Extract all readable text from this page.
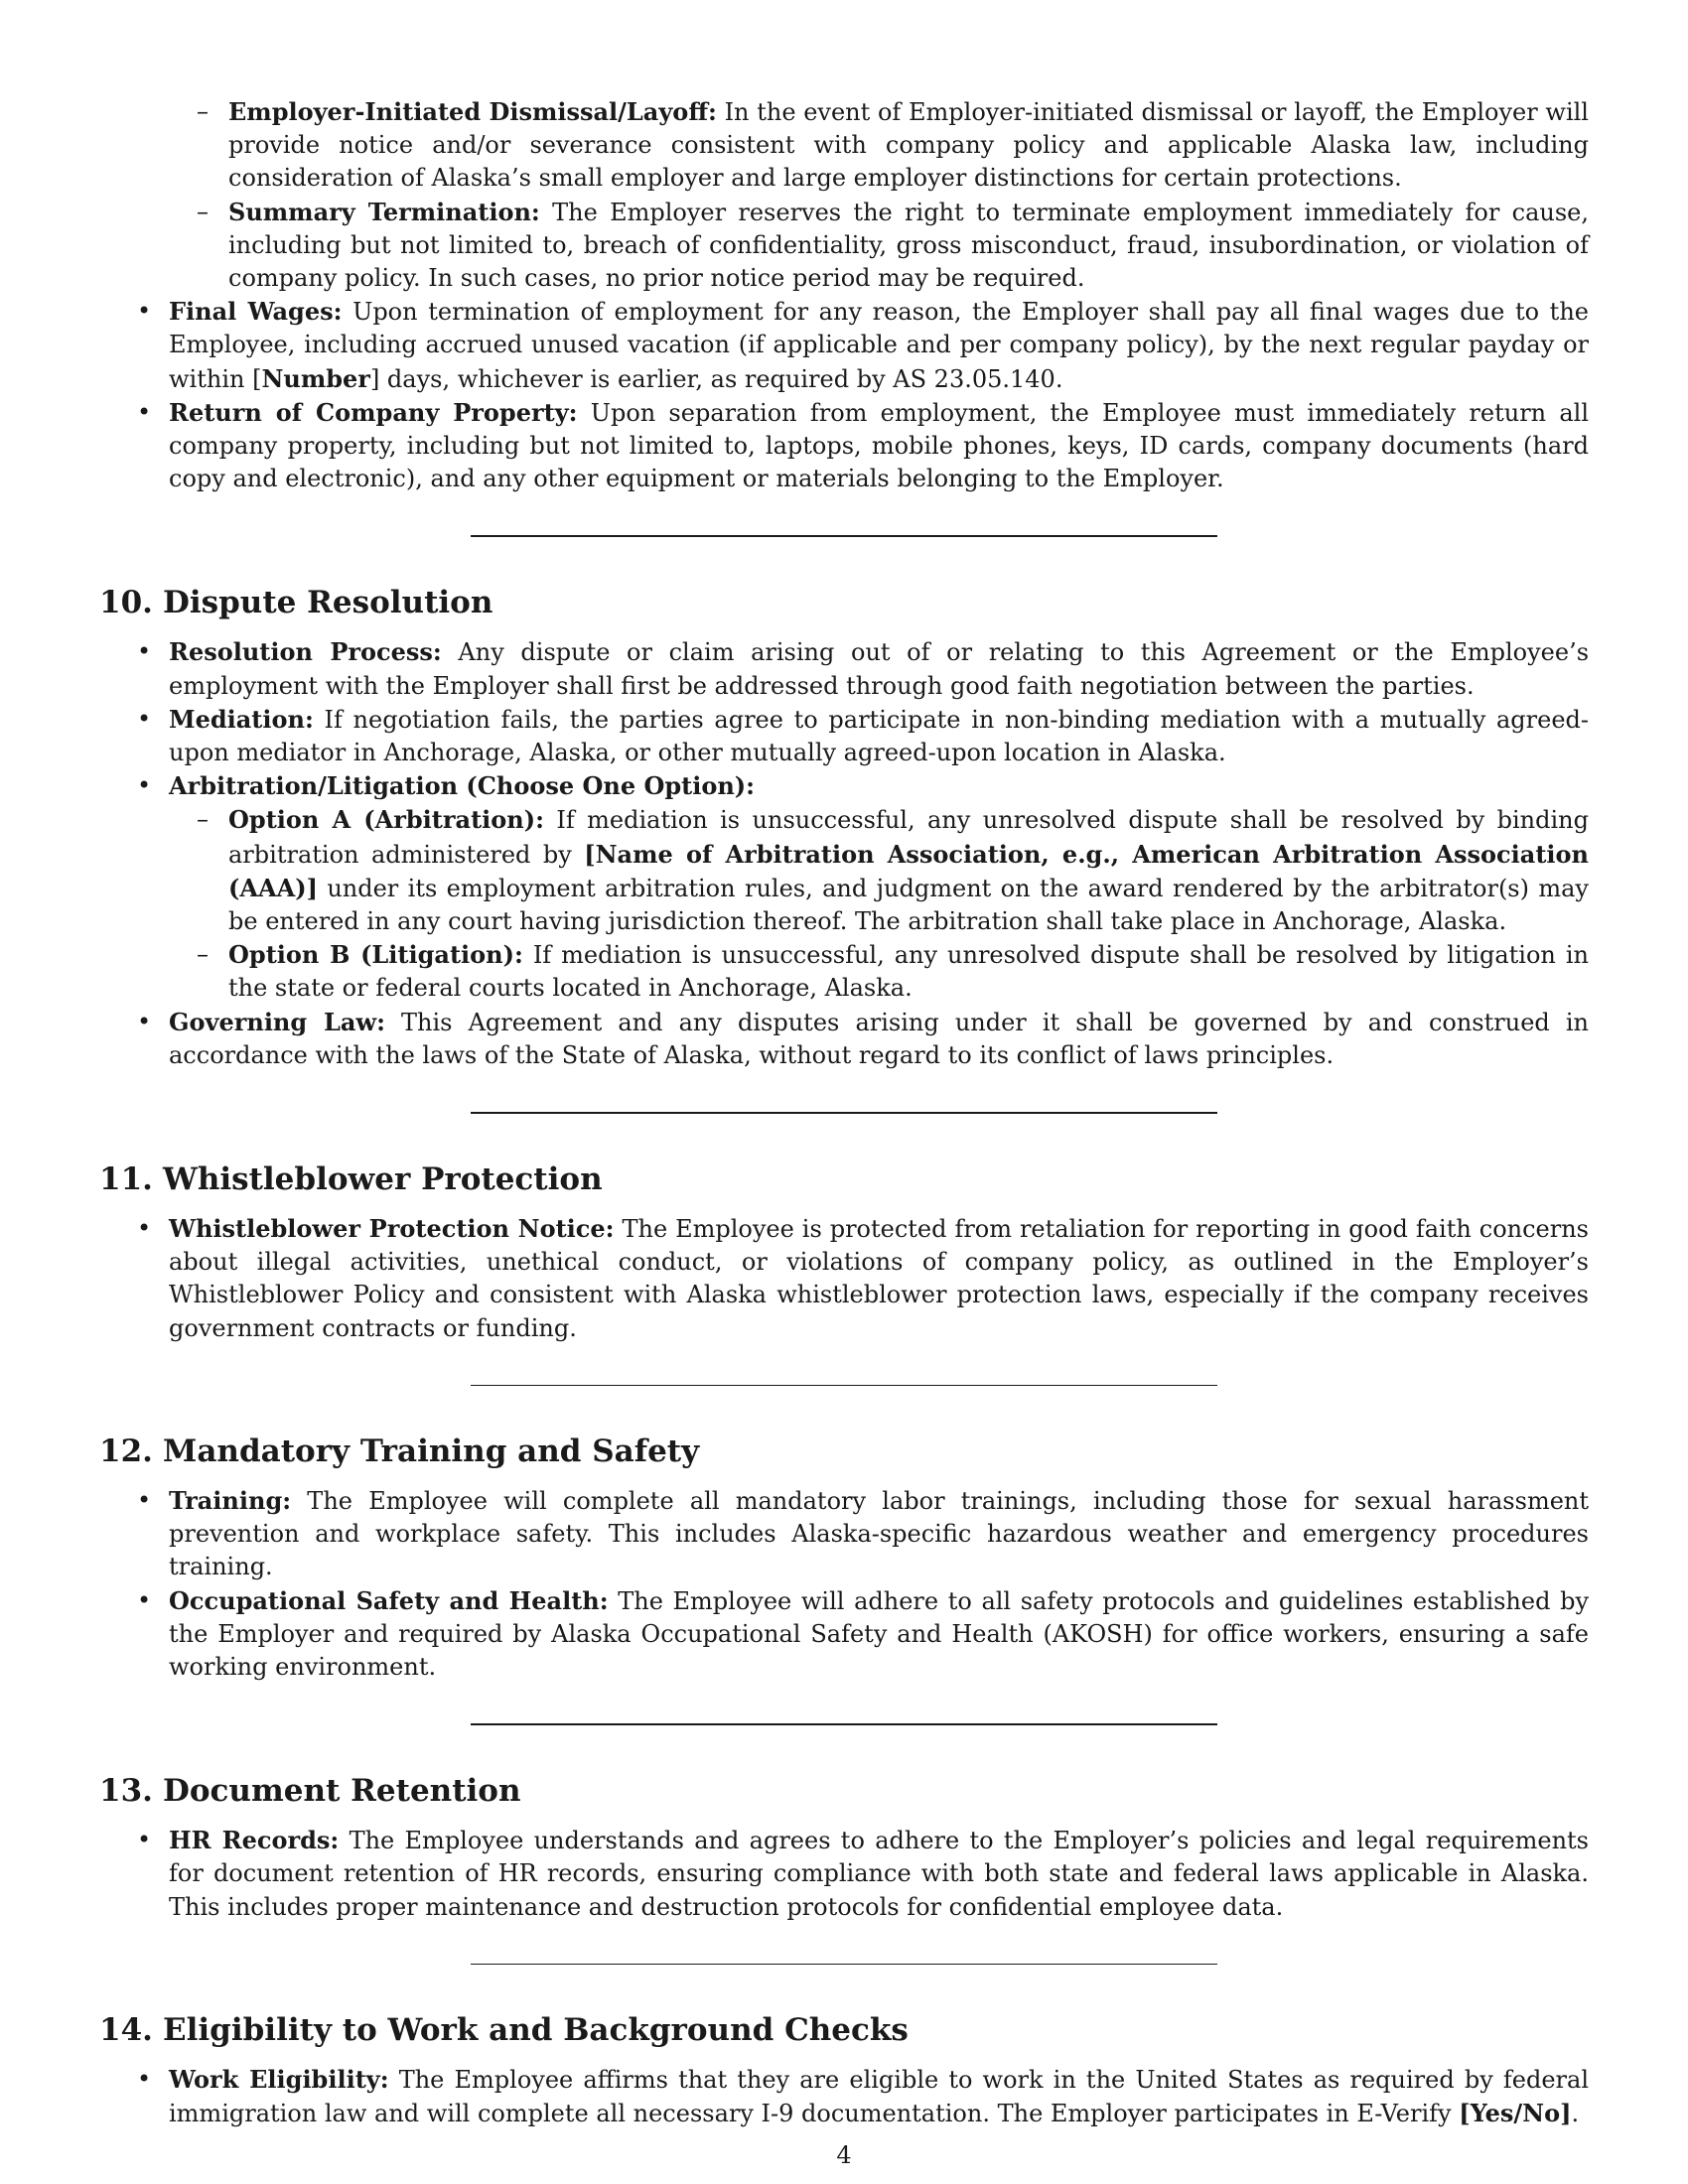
– Employer-Initiated Dismissal/Layoff: In the event of Employer-initiated dismissal or layoff, the Employer will provide notice and/or severance consistent with company policy and applicable Alaska law, including consideration of Alaska’s small employer and large employer distinctions for certain protections.
– Summary Termination: The Employer reserves the right to terminate employment immediately for cause, including but not limited to, breach of confidentiality, gross misconduct, fraud, insubordination, or violation of company policy. In such cases, no prior notice period may be required.
• Final Wages: Upon termination of employment for any reason, the Employer shall pay all final wages due to the Employee, including accrued unused vacation (if applicable and per company policy), by the next regular payday or within [Number] days, whichever is earlier, as required by AS 23.05.140.
• Return of Company Property: Upon separation from employment, the Employee must immediately return all company property, including but not limited to, laptops, mobile phones, keys, ID cards, company documents (hard copy and electronic), and any other equipment or materials belonging to the Employer.
10. Dispute Resolution
• Resolution Process: Any dispute or claim arising out of or relating to this Agreement or the Employee’s employment with the Employer shall first be addressed through good faith negotiation between the parties.
• Mediation: If negotiation fails, the parties agree to participate in non-binding mediation with a mutually agreed-upon mediator in Anchorage, Alaska, or other mutually agreed-upon location in Alaska.
• Arbitration/Litigation (Choose One Option):
– Option A (Arbitration): If mediation is unsuccessful, any unresolved dispute shall be resolved by binding arbitration administered by [Name of Arbitration Association, e.g., American Arbitration Association (AAA)] under its employment arbitration rules, and judgment on the award rendered by the arbitrator(s) may be entered in any court having jurisdiction thereof. The arbitration shall take place in Anchorage, Alaska.
– Option B (Litigation): If mediation is unsuccessful, any unresolved dispute shall be resolved by litigation in the state or federal courts located in Anchorage, Alaska.
• Governing Law: This Agreement and any disputes arising under it shall be governed by and construed in accordance with the laws of the State of Alaska, without regard to its conflict of laws principles.
11. Whistleblower Protection
• Whistleblower Protection Notice: The Employee is protected from retaliation for reporting in good faith concerns about illegal activities, unethical conduct, or violations of company policy, as outlined in the Employer’s Whistleblower Policy and consistent with Alaska whistleblower protection laws, especially if the company receives government contracts or funding.
12. Mandatory Training and Safety
• Training: The Employee will complete all mandatory labor trainings, including those for sexual harassment prevention and workplace safety. This includes Alaska-specific hazardous weather and emergency procedures training.
• Occupational Safety and Health: The Employee will adhere to all safety protocols and guidelines established by the Employer and required by Alaska Occupational Safety and Health (AKOSH) for office workers, ensuring a safe working environment.
13. Document Retention
• HR Records: The Employee understands and agrees to adhere to the Employer’s policies and legal requirements for document retention of HR records, ensuring compliance with both state and federal laws applicable in Alaska. This includes proper maintenance and destruction protocols for confidential employee data.
14. Eligibility to Work and Background Checks
• Work Eligibility: The Employee affirms that they are eligible to work in the United States as required by federal immigration law and will complete all necessary I-9 documentation. The Employer participates in E-Verify [Yes/No].
4
